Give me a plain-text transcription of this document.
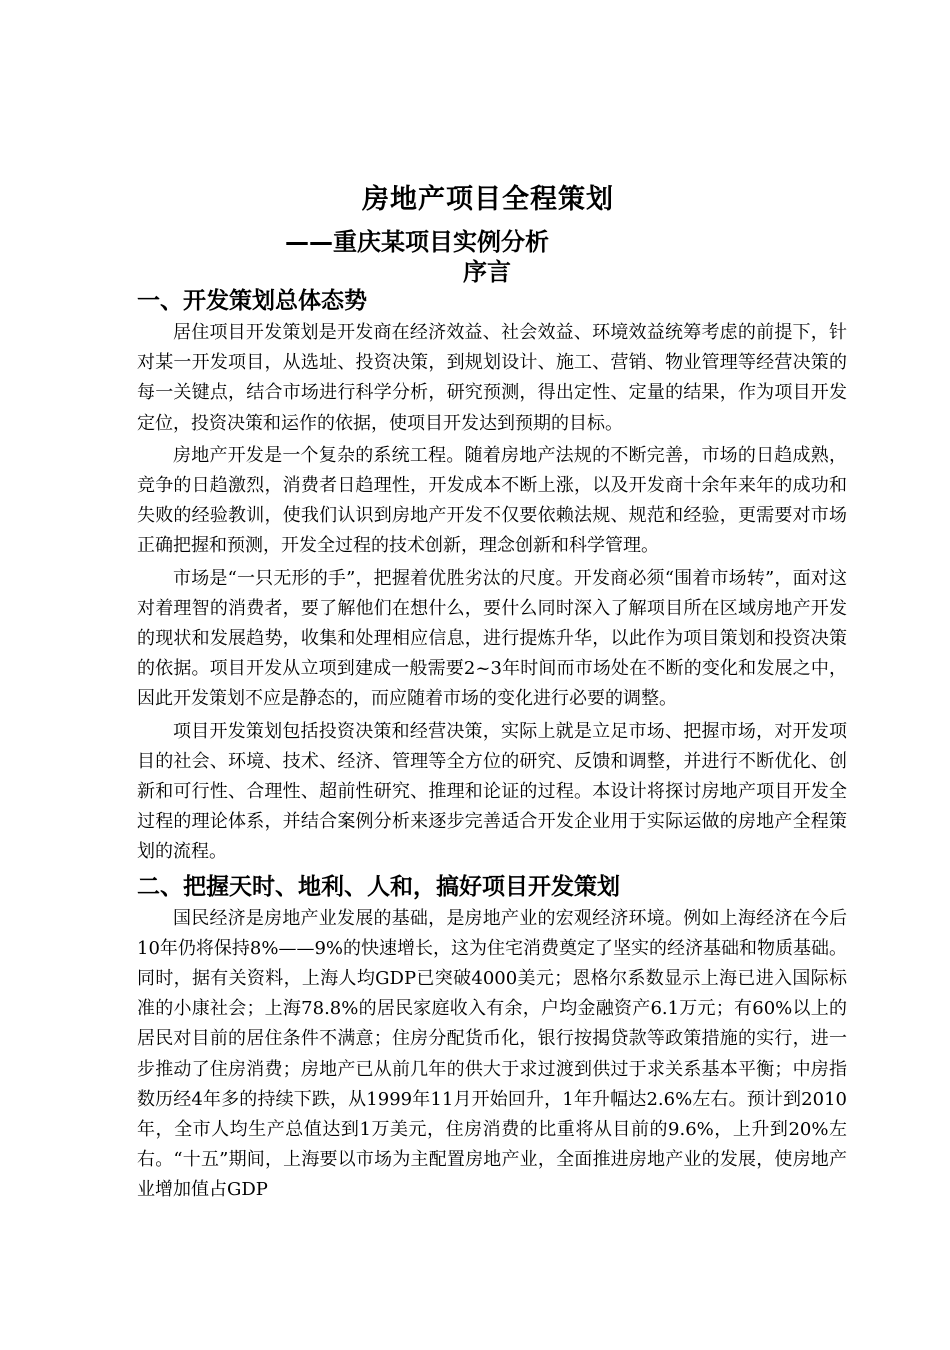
房地产项目全程策划
——重庆某项目实例分析
序言
一、开发策划总体态势

居住项目开发策划是开发商在经济效益、社会效益、环境效益统筹考虑的前提下，针对某一开发项目，从选址、投资决策，到规划设计、施工、营销、物业管理等经营决策的每一关键点，结合市场进行科学分析，研究预测，得出定性、定量的结果，作为项目开发定位，投资决策和运作的依据，使项目开发达到预期的目标。

房地产开发是一个复杂的系统工程。随着房地产法规的不断完善，市场的日趋成熟，竞争的日趋激烈，消费者日趋理性，开发成本不断上涨，以及开发商十余年来年的成功和失败的经验教训，使我们认识到房地产开发不仅要依赖法规、规范和经验，更需要对市场正确把握和预测，开发全过程的技术创新，理念创新和科学管理。

市场是“一只无形的手”，把握着优胜劣汰的尺度。开发商必须“围着市场转”，面对这对着理智的消费者，要了解他们在想什么，要什么同时深入了解项目所在区域房地产开发的现状和发展趋势，收集和处理相应信息，进行提炼升华，以此作为项目策划和投资决策的依据。项目开发从立项到建成一般需要2~3年时间而市场处在不断的变化和发展之中，因此开发策划不应是静态的，而应随着市场的变化进行必要的调整。

项目开发策划包括投资决策和经营决策，实际上就是立足市场、把握市场，对开发项目的社会、环境、技术、经济、管理等全方位的研究、反馈和调整，并进行不断优化、创新和可行性、合理性、超前性研究、推理和论证的过程。本设计将探讨房地产项目开发全过程的理论体系，并结合案例分析来逐步完善适合开发企业用于实际运做的房地产全程策划的流程。

二、把握天时、地利、人和，搞好项目开发策划

国民经济是房地产业发展的基础，是房地产业的宏观经济环境。例如上海经济在今后10年仍将保持8%——9%的快速增长，这为住宅消费奠定了坚实的经济基础和物质基础。同时，据有关资料，上海人均GDP已突破4000美元；恩格尔系数显示上海已进入国际标准的小康社会；上海78.8%的居民家庭收入有余，户均金融资产6.1万元；有60%以上的居民对目前的居住条件不满意；住房分配货币化，银行按揭贷款等政策措施的实行，进一步推动了住房消费；房地产已从前几年的供大于求过渡到供过于求关系基本平衡；中房指数历经4年多的持续下跌，从1999年11月开始回升，1年升幅达2.6%左右。预计到2010年，全市人均生产总值达到1万美元，住房消费的比重将从目前的9.6%，上升到20%左右。“十五”期间，上海要以市场为主配置房地产业，全面推进房地产业的发展，使房地产业增加值占GDP
